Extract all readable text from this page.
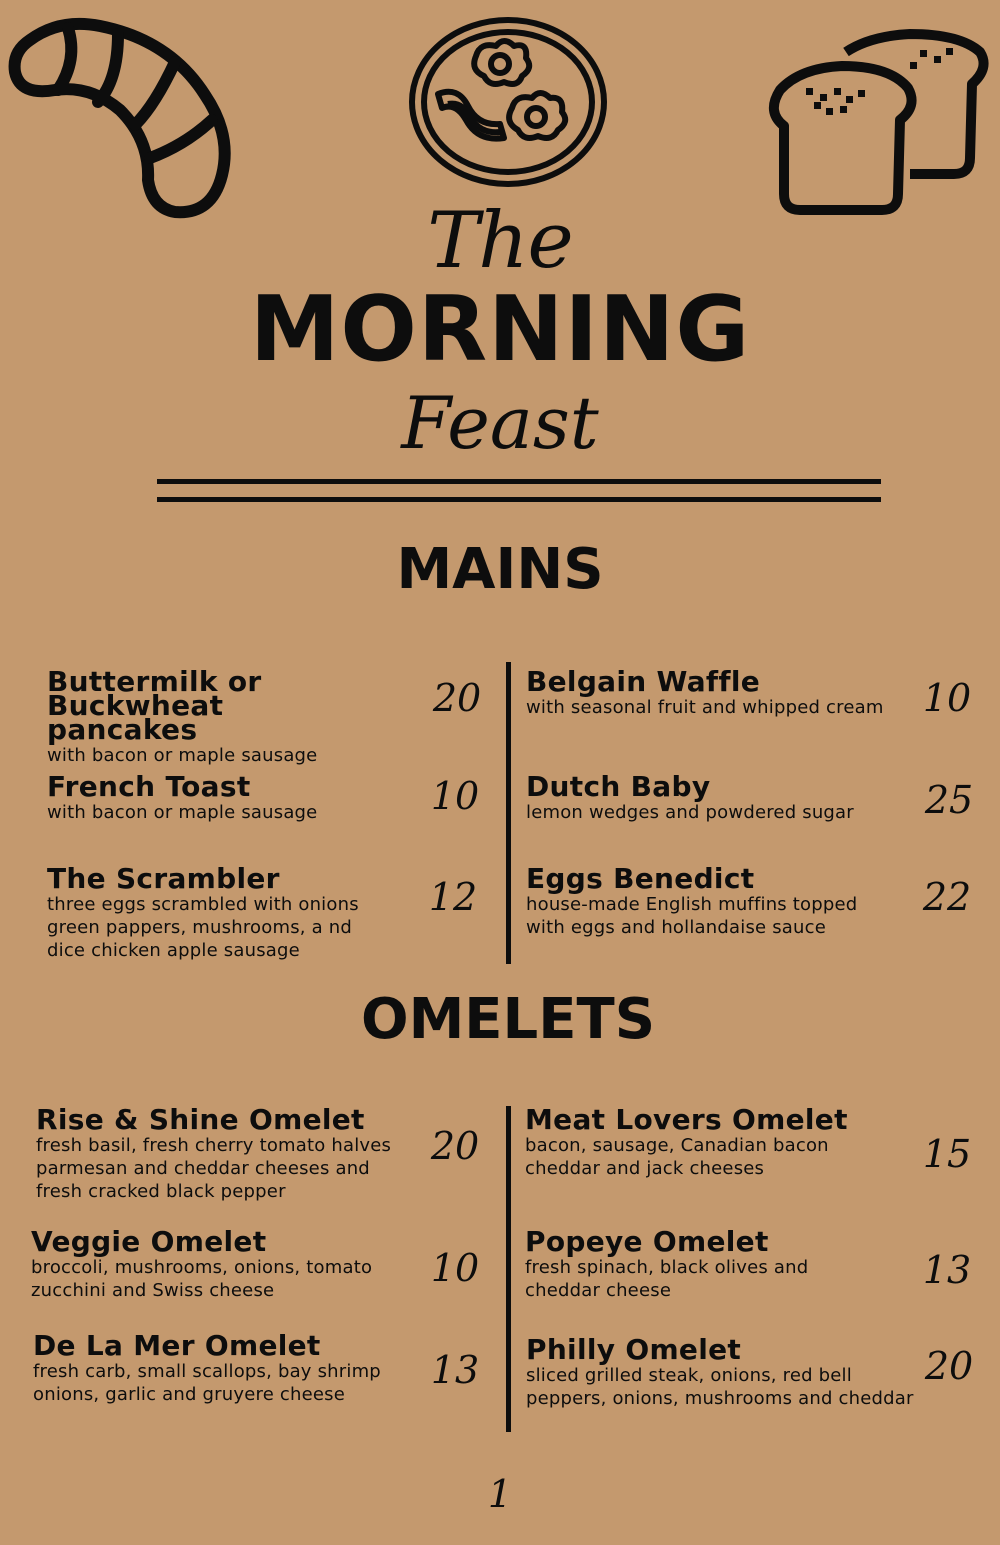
The
MORNING
Feast
MAINS
Buttermilk or Buckwheat pancakes
with bacon or maple sausage
20
French Toast
with bacon or maple sausage	10
The Scrambler
three eggs scrambled with onions green pappers, mushrooms, a nd dice chicken apple sausage
12
Belgain Waffle
with seasonal fruit and whipped cream	10
Dutch Baby
lemon wedges and powdered sugar	25
Eggs Benedict
house-made English muffins topped with eggs and hollandaise sauce
22
OMELETS
Rise & Shine Omelet
fresh basil, fresh cherry tomato halves parmesan and cheddar cheeses and fresh cracked black pepper
20
Veggie Omelet
broccoli, mushrooms, onions, tomato zucchini and Swiss cheese
10
De La Mer Omelet
fresh carb, small scallops, bay shrimp onions, garlic and gruyere cheese
13
Meat Lovers Omelet
bacon, sausage, Canadian bacon cheddar and jack cheeses	15
Popeye Omelet
fresh spinach, black olives and cheddar cheese	13
Philly Omelet
sliced grilled steak, onions, red bell peppers, onions, mushrooms and cheddar
20
1
